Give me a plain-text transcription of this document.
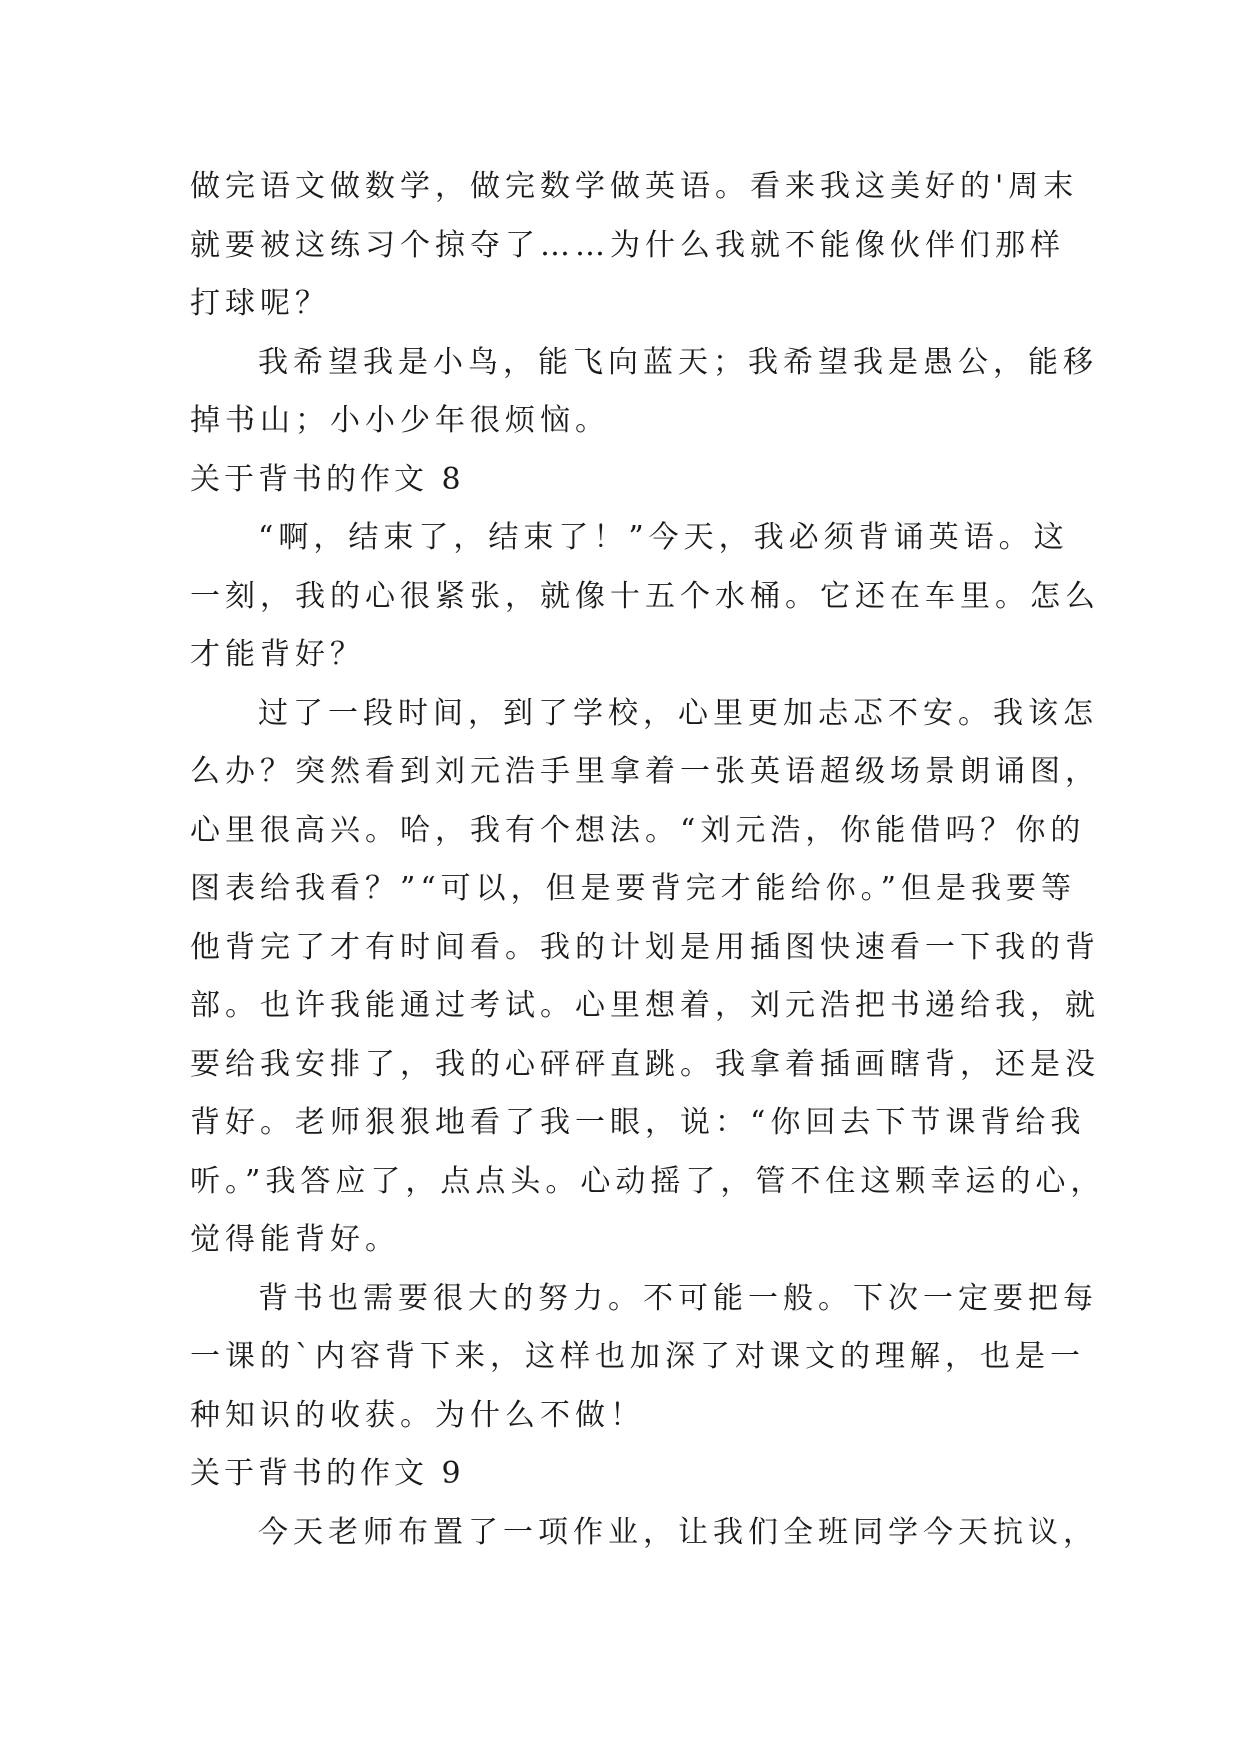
做完语文做数学，做完数学做英语。看来我这美好的'周末
就要被这练习个掠夺了……为什么我就不能像伙伴们那样
打球呢？
我希望我是小鸟，能飞向蓝天；我希望我是愚公，能移
掉书山；小小少年很烦恼。
关于背书的作文 8
“啊，结束了，结束了！”今天，我必须背诵英语。这
一刻，我的心很紧张，就像十五个水桶。它还在车里。怎么
才能背好？
过了一段时间，到了学校，心里更加忐忑不安。我该怎
么办？突然看到刘元浩手里拿着一张英语超级场景朗诵图，
心里很高兴。哈，我有个想法。“刘元浩，你能借吗？你的
图表给我看？”“可以，但是要背完才能给你。”但是我要等
他背完了才有时间看。我的计划是用插图快速看一下我的背
部。也许我能通过考试。心里想着，刘元浩把书递给我，就
要给我安排了，我的心砰砰直跳。我拿着插画瞎背，还是没
背好。老师狠狠地看了我一眼，说：“你回去下节课背给我
听。”我答应了，点点头。心动摇了，管不住这颗幸运的心，
觉得能背好。
背书也需要很大的努力。不可能一般。下次一定要把每
一课的`内容背下来，这样也加深了对课文的理解，也是一
种知识的收获。为什么不做！
关于背书的作文 9
今天老师布置了一项作业，让我们全班同学今天抗议，
